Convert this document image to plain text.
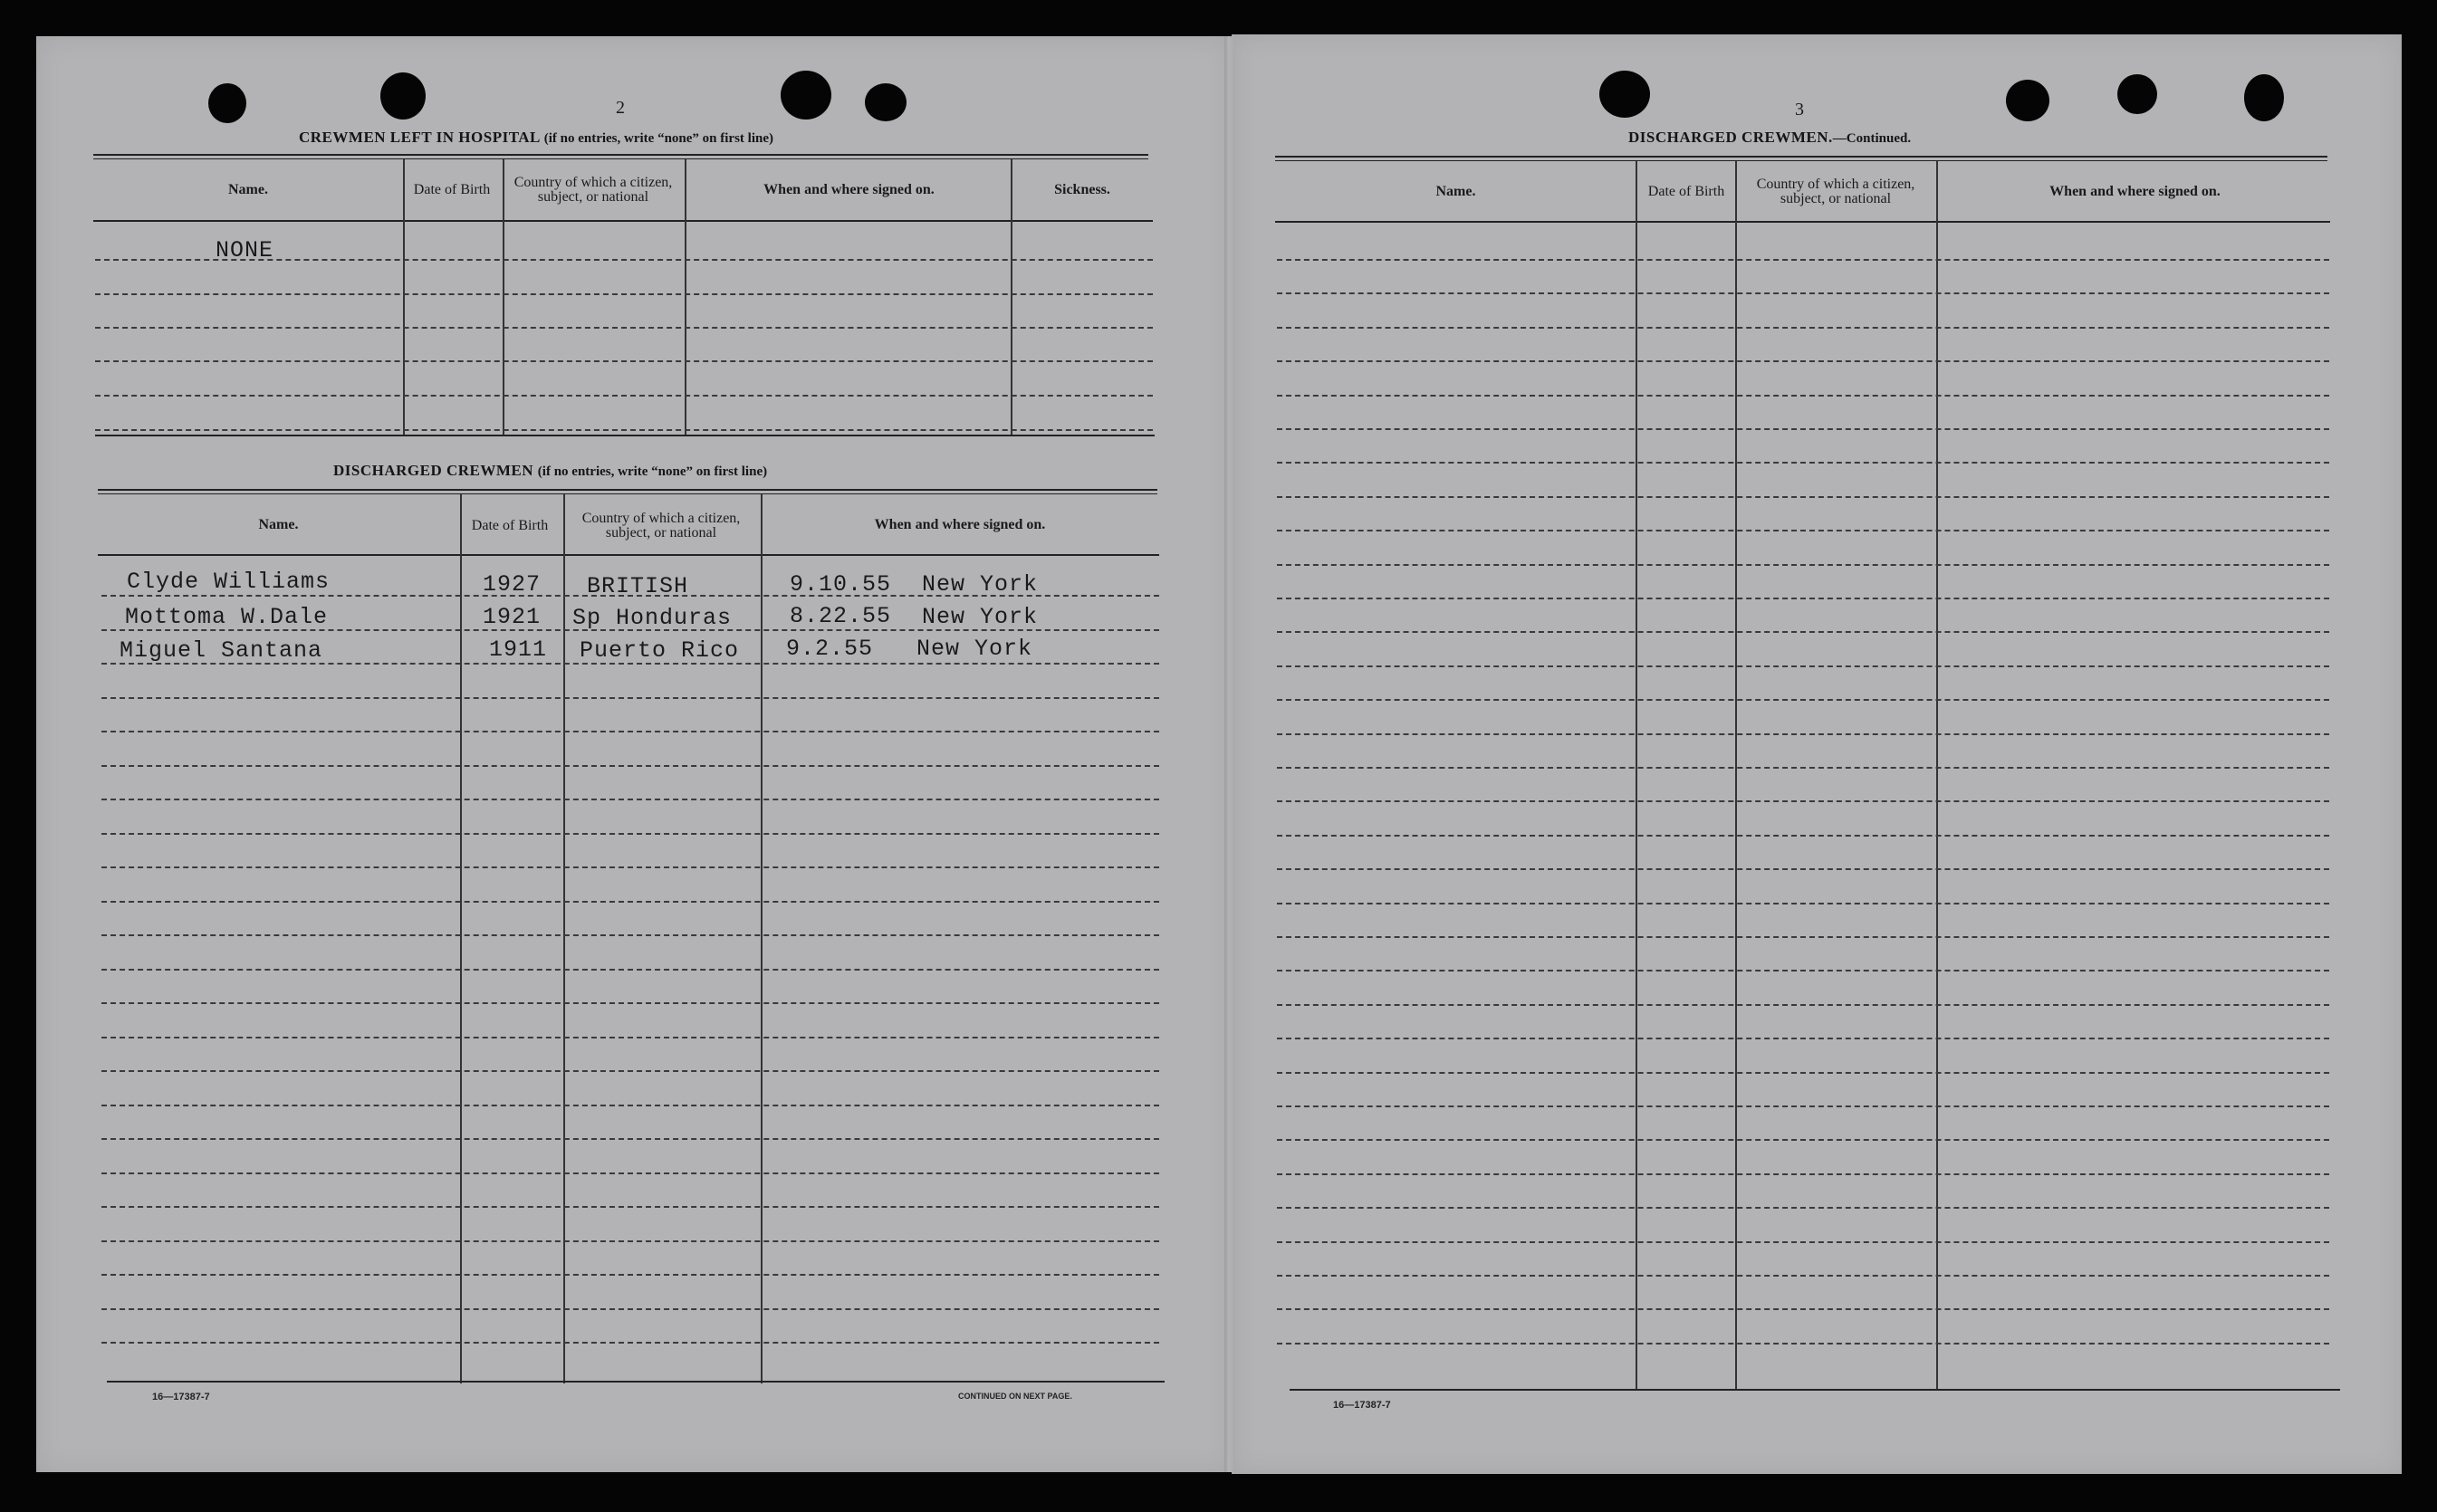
2
CREWMEN LEFT IN HOSPITAL (if no entries, write “none” on first line)
Name.	Date of Birth	Country of which a citizen, subject, or national	When and where signed on.	Sickness.
NONE
DISCHARGED CREWMEN (if no entries, write “none” on first line)
Name.	Date of Birth	Country of which a citizen, subject, or national
When and where signed on.
Clyde Williams	1927 BRITISH	9.10.55 New York
Mottoma W.Dale	1921 Sp Honduras	8.22.55 New York
Miguel Santana	1911 Puerto Rico 9.2.55 New York
16—17387-7	CONTINUED ON NEXT PAGE.
3
DISCHARGED CREWMEN.—Continued.
Name.	Date of Birth	Country of which a citizen, subject, or national	When and where signed on.
16—17387-7
